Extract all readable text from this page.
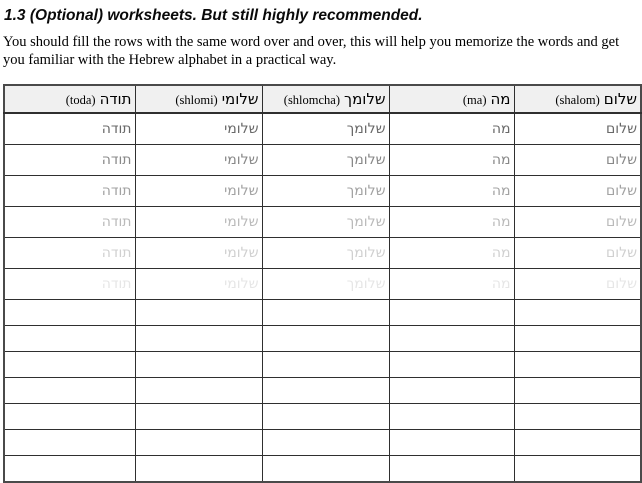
1.3 (Optional) worksheets. But still highly recommended.

You should fill the rows with the same word over and over, this will help you memorize the words and get you familiar with the Hebrew alphabet in a practical way.

שלום (shalom)	מה (ma)	שלומך (shlomcha)	שלומי (shlomi)	תודה (toda)
שלום	מה	שלומך	שלומי	תודה
שלום	מה	שלומך	שלומי	תודה
שלום	מה	שלומך	שלומי	תודה
שלום	מה	שלומך	שלומי	תודה
שלום	מה	שלומך	שלומי	תודה
שלום	מה	שלומך	שלומי	תודה
